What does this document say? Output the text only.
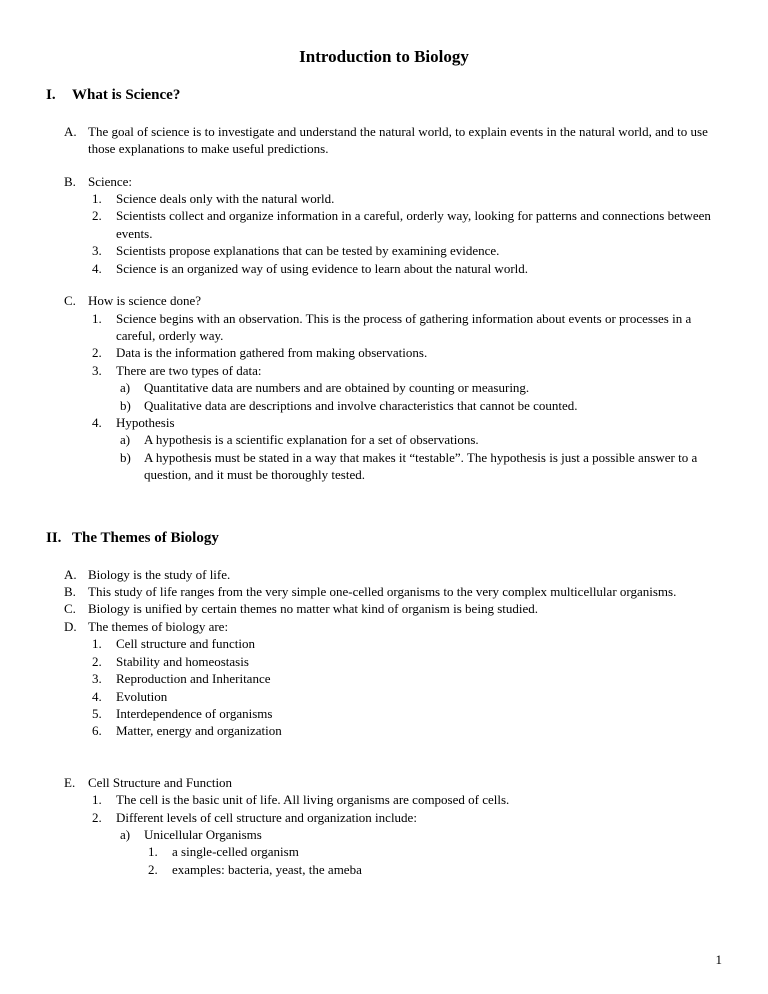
Introduction to Biology
I.	What is Science?
A. The goal of science is to investigate and understand the natural world, to explain events in the natural world, and to use those explanations to make useful predictions.
B. Science:
1.	Science deals only with the natural world.
2.	Scientists collect and organize information in a careful, orderly way, looking for patterns and connections between events.
3.	Scientists propose explanations that can be tested by examining evidence.
4.	Science is an organized way of using evidence to learn about the natural world.
C. How is science done?
1.	Science begins with an observation. This is the process of gathering information about events or processes in a careful, orderly way.
2.	Data is the information gathered from making observations.
3.	There are two types of data:
a)	Quantitative data are numbers and are obtained by counting or measuring.
b)	Qualitative data are descriptions and involve characteristics that cannot be counted.
4.	Hypothesis
a)	A hypothesis is a scientific explanation for a set of observations.
b)	A hypothesis must be stated in a way that makes it “testable”. The hypothesis is just a possible answer to a question, and it must be thoroughly tested.
II. The Themes of Biology
A. Biology is the study of life.
B. This study of life ranges from the very simple one-celled organisms to the very complex multicellular organisms.
C. Biology is unified by certain themes no matter what kind of organism is being studied.
D. The themes of biology are:
1.	Cell structure and function
2.	Stability and homeostasis
3.	Reproduction and Inheritance
4.	Evolution
5.	Interdependence of organisms
6.	Matter, energy and organization
E. Cell Structure and Function
1.	The cell is the basic unit of life. All living organisms are composed of cells.
2.	Different levels of cell structure and organization include:
a)	Unicellular Organisms
1.	a single-celled organism
2.	examples: bacteria, yeast, the ameba
1
